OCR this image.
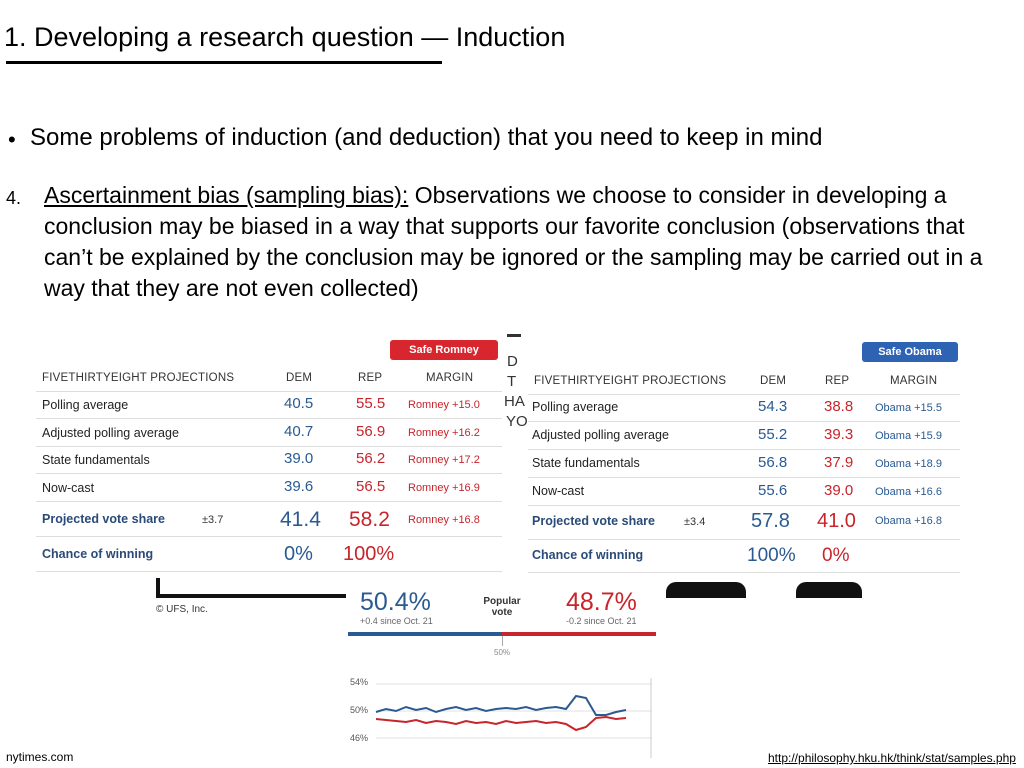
1. Developing a research question — Induction
• Some problems of induction (and deduction) that you need to keep in mind
4. Ascertainment bias (sampling bias): Observations we choose to consider in developing a conclusion may be biased in a way that supports our favorite conclusion (observations that can’t be explained by the conclusion may be ignored or the sampling may be carried out in a way that they are not even collected)
Safe Romney
FIVETHIRTYEIGHT PROJECTIONS	DEM	REP	MARGIN
Polling average	40.5	55.5 Romney +15.0
Adjusted polling average	40.7	56.9 Romney +16.2
State fundamentals	39.0	56.2 Romney +17.2
Now-cast	39.6	56.5 Romney +16.9
Projected vote share	±3.7	41.4 58.2 Romney +16.8
Chance of winning	0% 100%
D
T
HA
YO
Safe Obama
FIVETHIRTYEIGHT PROJECTIONS	DEM	REP	MARGIN
Polling average	54.3 38.8 Obama +15.5
Adjusted polling average	55.2 39.3 Obama +15.9
State fundamentals	56.8 37.9 Obama +18.9
Now-cast	55.6 39.0 Obama +16.6
Projected vote share	±3.4 57.8 41.0 Obama +16.8
Chance of winning	100% 0%
© UFS, Inc.	50.4%
+0.4 since Oct. 21
Popular vote	48.7%
-0.2 since Oct. 21
50%
54%
50%
46%
nytimes.com	http://philosophy.hku.hk/think/stat/samples.php
